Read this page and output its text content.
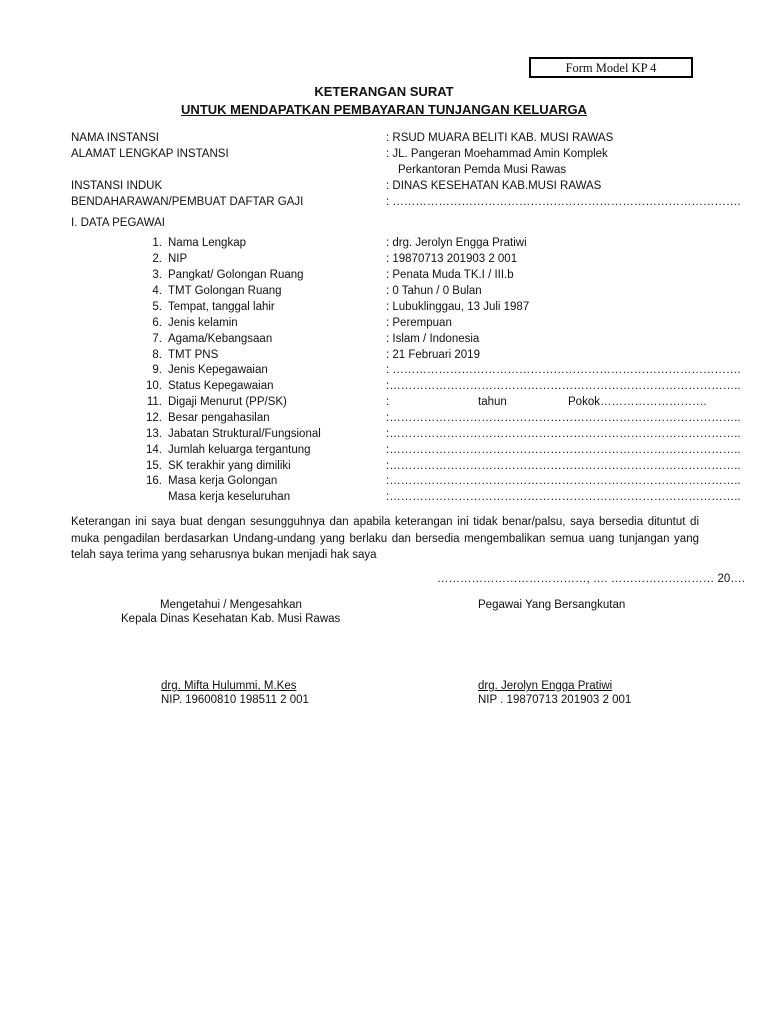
Form Model KP 4
KETERANGAN SURAT
UNTUK MENDAPATKAN PEMBAYARAN TUNJANGAN KELUARGA
NAMA INSTANSI	: RSUD MUARA BELITI KAB. MUSI RAWAS
ALAMAT LENGKAP INSTANSI	: JL. Pangeran Moehammad Amin Komplek
Perkantoran Pemda Musi Rawas
INSTANSI INDUK	: DINAS KESEHATAN KAB.MUSI RAWAS
BENDAHARAWAN/PEMBUAT DAFTAR GAJI	: ……………………………………………………………………………….
I. DATA PEGAWAI
1. Nama Lengkap	: drg. Jerolyn Engga Pratiwi
2. NIP	: 19870713 201903 2 001
3. Pangkat/ Golongan Ruang	: Penata Muda TK.I / III.b
4. TMT Golongan Ruang	: 0 Tahun / 0 Bulan
5. Tempat, tanggal lahir	: Lubuklinggau, 13 Juli 1987
6. Jenis kelamin	: Perempuan
7. Agama/Kebangsaan	: Islam / Indonesia
8. TMT PNS	: 21 Februari 2019
9. Jenis Kepegawaian	: ……………………………………………………………………………….
10. Status Kepegawaian	:………………………………………………………………………………..
11. Digaji Menurut (PP/SK)	:	tahun	Pokok……………………….
12. Besar pengahasilan	:………………………………………………………………………………..
13. Jabatan Struktural/Fungsional	:………………………………………………………………………………..
14. Jumlah keluarga tergantung	:………………………………………………………………………………..
15. SK terakhir yang dimiliki	:………………………………………………………………………………..
16. Masa kerja Golongan	:………………………………………………………………………………..
Masa kerja keseluruhan	:………………………………………………………………………………..
Keterangan ini saya buat dengan sesungguhnya dan apabila keterangan ini tidak benar/palsu, saya bersedia dituntut di muka pengadilan berdasarkan Undang-undang yang berlaku dan bersedia mengembalikan semua uang tunjangan yang telah saya terima yang seharusnya bukan menjadi hak saya
…………………………………, …. ……………………… 20….
Mengetahui / Mengesahkan
Kepala Dinas Kesehatan Kab. Musi Rawas
Pegawai Yang Bersangkutan
drg. Mifta Hulummi, M.Kes
NIP. 19600810 198511 2 001
drg. Jerolyn Engga Pratiwi
NIP . 19870713 201903 2 001
